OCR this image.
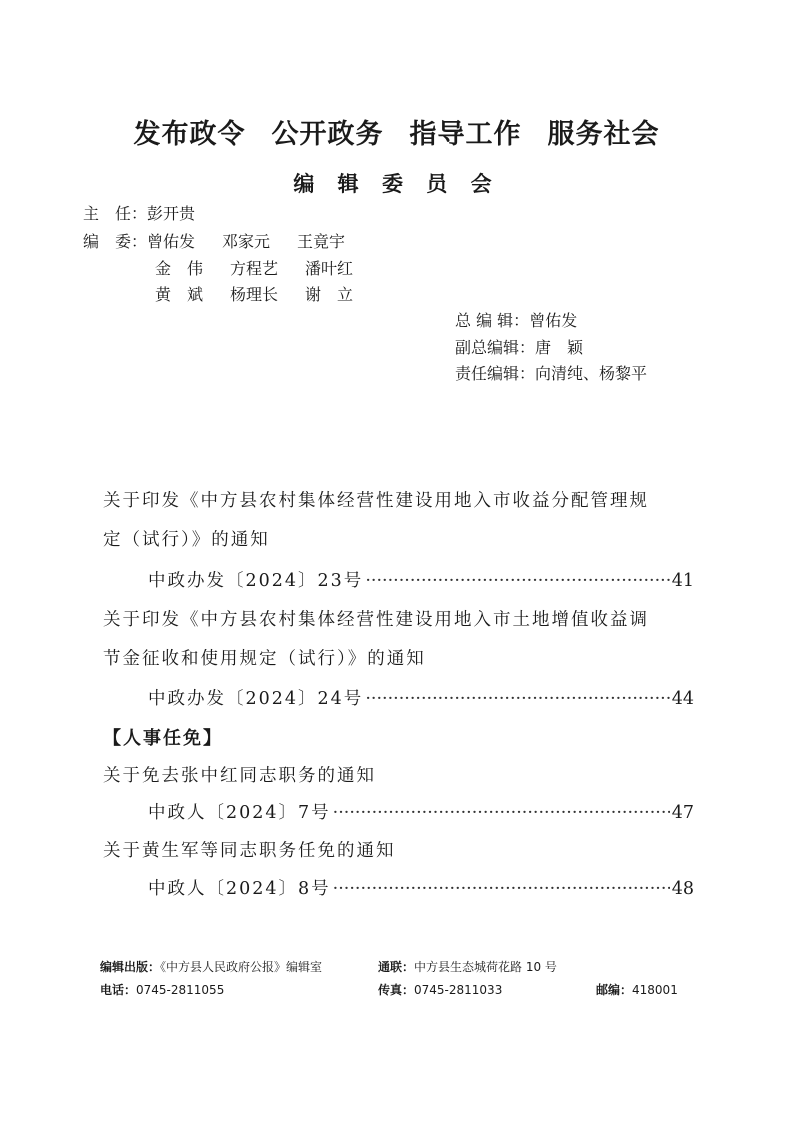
发布政令 公开政务 指导工作 服务社会
编 辑 委 员 会
主　任：彭开贵
编　委：曾佑发 邓家元 王竟宇
金　伟 方程艺 潘叶红
黄　斌 杨理长 谢　立
总 编 辑：曾佑发
副总编辑：唐　颖
责任编辑：向清纯、杨黎平
关于印发《中方县农村集体经营性建设用地入市收益分配管理规
定（试行）》的通知
中政办发〔2024〕23号 ·····	41
关于印发《中方县农村集体经营性建设用地入市土地增值收益调
节金征收和使用规定（试行）》的通知
中政办发〔2024〕24号 ·····	44
【人事任免】
关于免去张中红同志职务的通知
中政人〔2024〕7号 ·····	47
关于黄生军等同志职务任免的通知
中政人〔2024〕8号 ·····	48
编辑出版：《中方县人民政府公报》编辑室	通联：中方县生态城荷花路 10 号
电话：0745-2811055	传真：0745-2811033	邮编：418001
